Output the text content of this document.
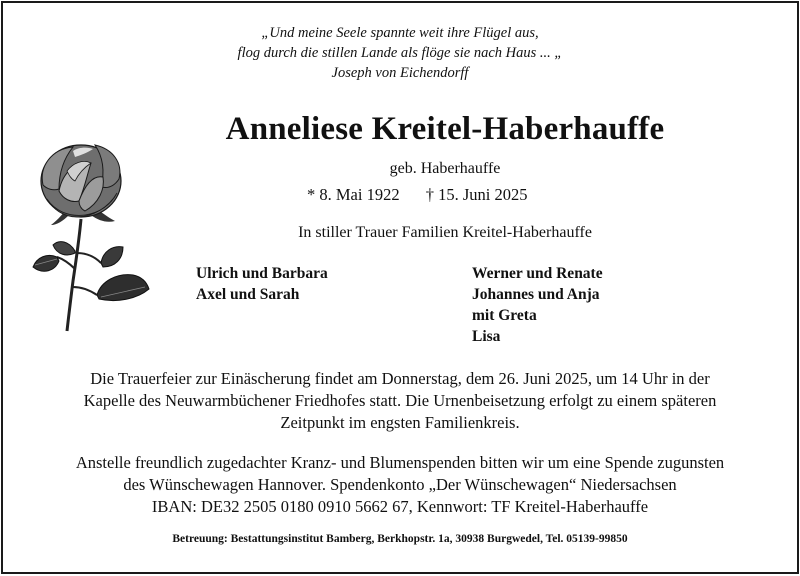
„Und meine Seele spannte weit ihre Flügel aus,
flog durch die stillen Lande als flöge sie nach Haus ... „
Joseph von Eichendorff
Anneliese Kreitel-Haberhauffe
geb. Haberhauffe
* 8. Mai 1922 † 15. Juni 2025
In stiller Trauer Familien Kreitel-Haberhauffe
Ulrich und Barbara
Axel und Sarah
Werner und Renate
Johannes und Anja
mit Greta
Lisa
Die Trauerfeier zur Einäscherung findet am Donnerstag, dem 26. Juni 2025, um 14 Uhr in der
Kapelle des Neuwarmbüchener Friedhofes statt. Die Urnenbeisetzung erfolgt zu einem späteren
Zeitpunkt im engsten Familienkreis.
Anstelle freundlich zugedachter Kranz- und Blumenspenden bitten wir um eine Spende zugunsten
des Wünschewagen Hannover. Spendenkonto „Der Wünschewagen“ Niedersachsen
IBAN: DE32 2505 0180 0910 5662 67, Kennwort: TF Kreitel-Haberhauffe
Betreuung: Bestattungsinstitut Bamberg, Berkhopstr. 1a, 30938 Burgwedel, Tel. 05139-99850
